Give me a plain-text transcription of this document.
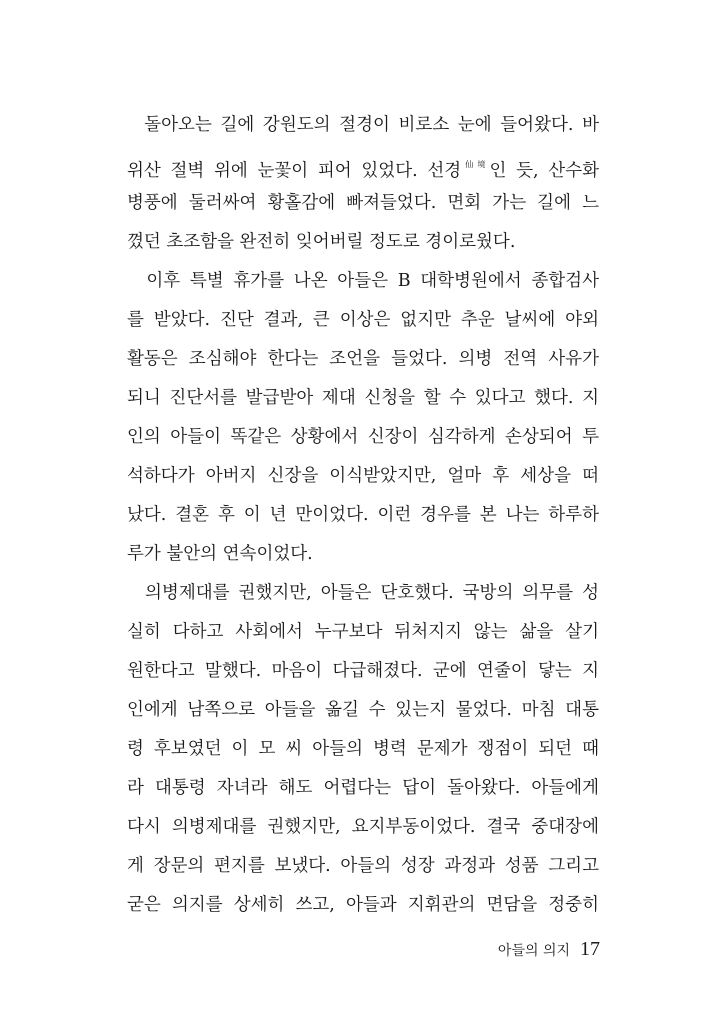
돌아오는 길에 강원도의 절경이 비로소 눈에 들어왔다. 바
위산 절벽 위에 눈꽃이 피어 있었다. 선경$^{仙境}$인 듯, 산수화
병풍에 둘러싸여 황홀감에 빠져들었다. 면회 가는 길에 느
꼈던 초조함을 완전히 잊어버릴 정도로 경이로웠다.
이후 특별 휴가를 나온 아들은 B 대학병원에서 종합검사
를 받았다. 진단 결과, 큰 이상은 없지만 추운 날씨에 야외
활동은 조심해야 한다는 조언을 들었다. 의병 전역 사유가
되니 진단서를 발급받아 제대 신청을 할 수 있다고 했다. 지
인의 아들이 똑같은 상황에서 신장이 심각하게 손상되어 투
석하다가 아버지 신장을 이식받았지만, 얼마 후 세상을 떠
났다. 결혼 후 이 년 만이었다. 이런 경우를 본 나는 하루하
루가 불안의 연속이었다.
의병제대를 권했지만, 아들은 단호했다. 국방의 의무를 성
실히 다하고 사회에서 누구보다 뒤처지지 않는 삶을 살기
원한다고 말했다. 마음이 다급해졌다. 군에 연줄이 닿는 지
인에게 남쪽으로 아들을 옮길 수 있는지 물었다. 마침 대통
령 후보였던 이 모 씨 아들의 병력 문제가 쟁점이 되던 때
라 대통령 자녀라 해도 어렵다는 답이 돌아왔다. 아들에게
다시 의병제대를 권했지만, 요지부동이었다. 결국 중대장에
게 장문의 편지를 보냈다. 아들의 성장 과정과 성품 그리고
굳은 의지를 상세히 쓰고, 아들과 지휘관의 면담을 정중히
아들의 의지 17
